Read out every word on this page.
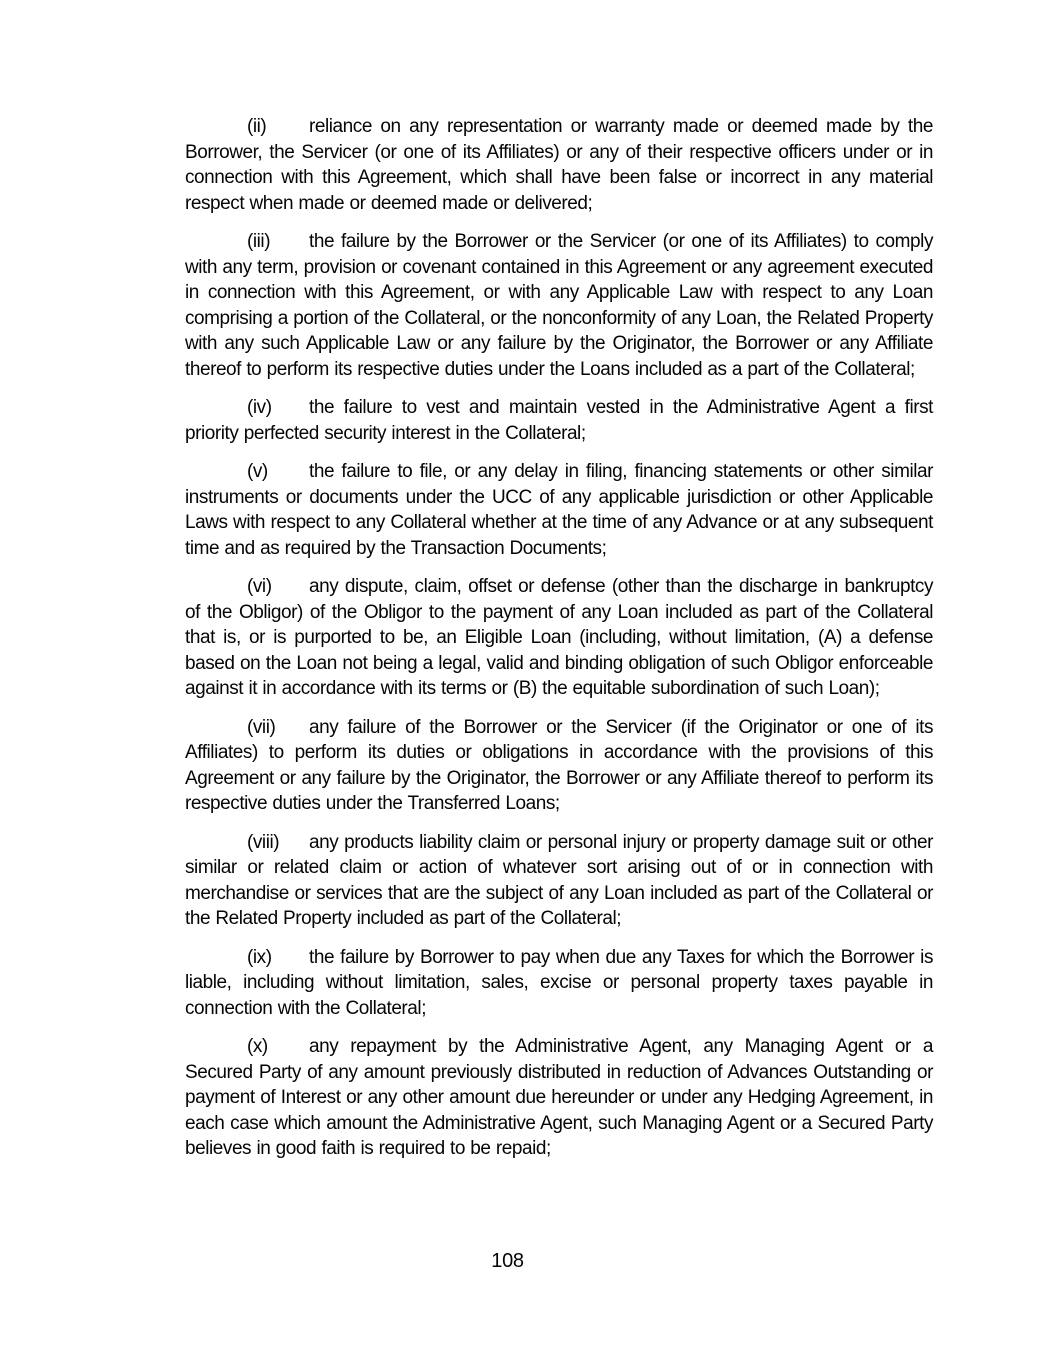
(ii) reliance on any representation or warranty made or deemed made by the Borrower, the Servicer (or one of its Affiliates) or any of their respective officers under or in connection with this Agreement, which shall have been false or incorrect in any material respect when made or deemed made or delivered;

(iii) the failure by the Borrower or the Servicer (or one of its Affiliates) to comply with any term, provision or covenant contained in this Agreement or any agreement executed in connection with this Agreement, or with any Applicable Law with respect to any Loan comprising a portion of the Collateral, or the nonconformity of any Loan, the Related Property with any such Applicable Law or any failure by the Originator, the Borrower or any Affiliate thereof to perform its respective duties under the Loans included as a part of the Collateral;

(iv) the failure to vest and maintain vested in the Administrative Agent a first priority perfected security interest in the Collateral;

(v) the failure to file, or any delay in filing, financing statements or other similar instruments or documents under the UCC of any applicable jurisdiction or other Applicable Laws with respect to any Collateral whether at the time of any Advance or at any subsequent time and as required by the Transaction Documents;

(vi) any dispute, claim, offset or defense (other than the discharge in bankruptcy of the Obligor) of the Obligor to the payment of any Loan included as part of the Collateral that is, or is purported to be, an Eligible Loan (including, without limitation, (A) a defense based on the Loan not being a legal, valid and binding obligation of such Obligor enforceable against it in accordance with its terms or (B) the equitable subordination of such Loan);

(vii) any failure of the Borrower or the Servicer (if the Originator or one of its Affiliates) to perform its duties or obligations in accordance with the provisions of this Agreement or any failure by the Originator, the Borrower or any Affiliate thereof to perform its respective duties under the Transferred Loans;

(viii) any products liability claim or personal injury or property damage suit or other similar or related claim or action of whatever sort arising out of or in connection with merchandise or services that are the subject of any Loan included as part of the Collateral or the Related Property included as part of the Collateral;

(ix) the failure by Borrower to pay when due any Taxes for which the Borrower is liable, including without limitation, sales, excise or personal property taxes payable in connection with the Collateral;

(x) any repayment by the Administrative Agent, any Managing Agent or a Secured Party of any amount previously distributed in reduction of Advances Outstanding or payment of Interest or any other amount due hereunder or under any Hedging Agreement, in each case which amount the Administrative Agent, such Managing Agent or a Secured Party believes in good faith is required to be repaid;

108
